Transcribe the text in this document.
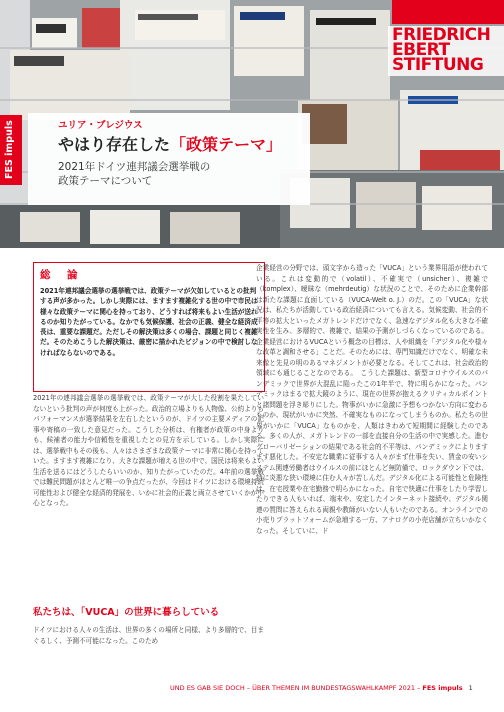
FRIEDRICH
EBERT
STIFTUNG
FES impuls	ユリア・ブレジウス
やはり存在した「政策テーマ」
2021年ドイツ連邦議会選挙戦の
政策テーマについて
総　論

2021年連邦議会選挙の選挙戦では、政策テーマが欠如しているとの批判する声が多かった。しかし実際には、ますます複雑化する世の中で市民は様々な政策テーマに関心を持っており、どうすれば将来もよい生活が送れるのか知りたがっている。なかでも気候保護、社会の正義、健全な経済成長は、重要な課題だ。ただしその解決策は多くの場合、課題と同じく複雑だ。そのためこうした解決策は、厳密に描かれたビジョンの中で検討しなければならないのである。

2021年の連邦議会選挙の選挙戦では、政策テーマが大した役割を果たしていないという批判の声が何度も上がった。政治的立場よりも人物像、公約よりもパフォーマンスが選挙結果を左右したというのが、ドイツの主要メディアの記事や寄稿の一致した意見だった。こうした分析は、有権者が政策の中身よりも、候補者の能力や信頼性を重視したとの見方を示している。しかし実際には、選挙戦中もその後も、人々はさまざまな政策テーマに非常に関心を持っていた。ますます複雑になり、大きな課題が増える世の中で、国民は将来もよい生活を送るにはどうしたらいいのか、知りたがっていたのだ。4年前の選挙戦では難民問題がほとんど唯一の争点だったが、今回はドイツにおける環境持続可能性および健全な経済的発展を、いかに社会的正義と両立させていくかが中心となった。
私たちは、「VUCA」の世界に暮らしている
ドイツにおける人々の生活は、世界の多くの場所と同様、より多層的で、目まぐるしく、予測不可能になった。このため
企業経営の分野では、頭文字から造った「VUCA」という業界用語が使われている。これは変動的で（volatil）、不確実で（unsicher）、複雑で（komplex）、曖昧な（mehrdeutig）な状況のことで、そのために企業幹部は新たな課題に直面している（VUCA-Welt o. J.）のだ。この「VUCA」な状況は、私たちが活動している政治経済についても言える。気候変動、社会的不平等の拡大といったメガトレンドだけでなく、急速なデジタル化も大きな不確実性を生み、多層的で、複雑で、結果の予測がしづらくなっているのである。企業経営におけるVUCAという概念の目標は、人や組織を「デジタル化や様々な改革と調和させる」ことだ。そのためには、専門知識だけでなく、明確な未来像と先見の明のあるマネジメントが必要となる。そしてこれは、社会政治的領域にも通じることなのである。　こうした課題は、新型コロナウイルスのパンデミックで世界が大混乱に陥ったこの1年半で、特に明らかになった。パンデミックはまるで拡大鏡のように、現在の世界が抱えるクリティカルポイントと諸問題を浮き彫りにした。物事がいかに急激に予想もつかない方向に変わるものか、現状がいかに突然、不確実なものになってしまうものか。私たちの世界がいかに「VUCA」なものかを、人類はきわめて短期間に経験したのである。多くの人が、メガトレンドの一部を直接自分の生活の中で実感した。進むグローバリゼーションの結果である社会的不平等は、パンデミックによりますます悪化した。不安定な職業に従事する人々がまず仕事を失い、賃金の安いシステム関連労働者はウイルスの前にほとんど無防備で、ロックダウン下では、特に炎悪な狭い環境に住む人々が苦しんだ。デジタル化による可能性と危険性は、在宅授業や在宅勤務で明らかになった。自宅で快適に仕事をしたり学習したりできる人もいれば、端末や、安定したインターネット接続や、デジタル関連の質問に答えられる両親や教師がいない人もいたのである。オンラインでの小売りプラットフォームが急増する一方、アナログの小売店舗が立ちいかなくなった。そしていに、ド
UND ES GAB SIE DOCH – ÜBER THEMEN IM BUNDESTAGSWAHLKAMPF 2021 – FES impuls 1
